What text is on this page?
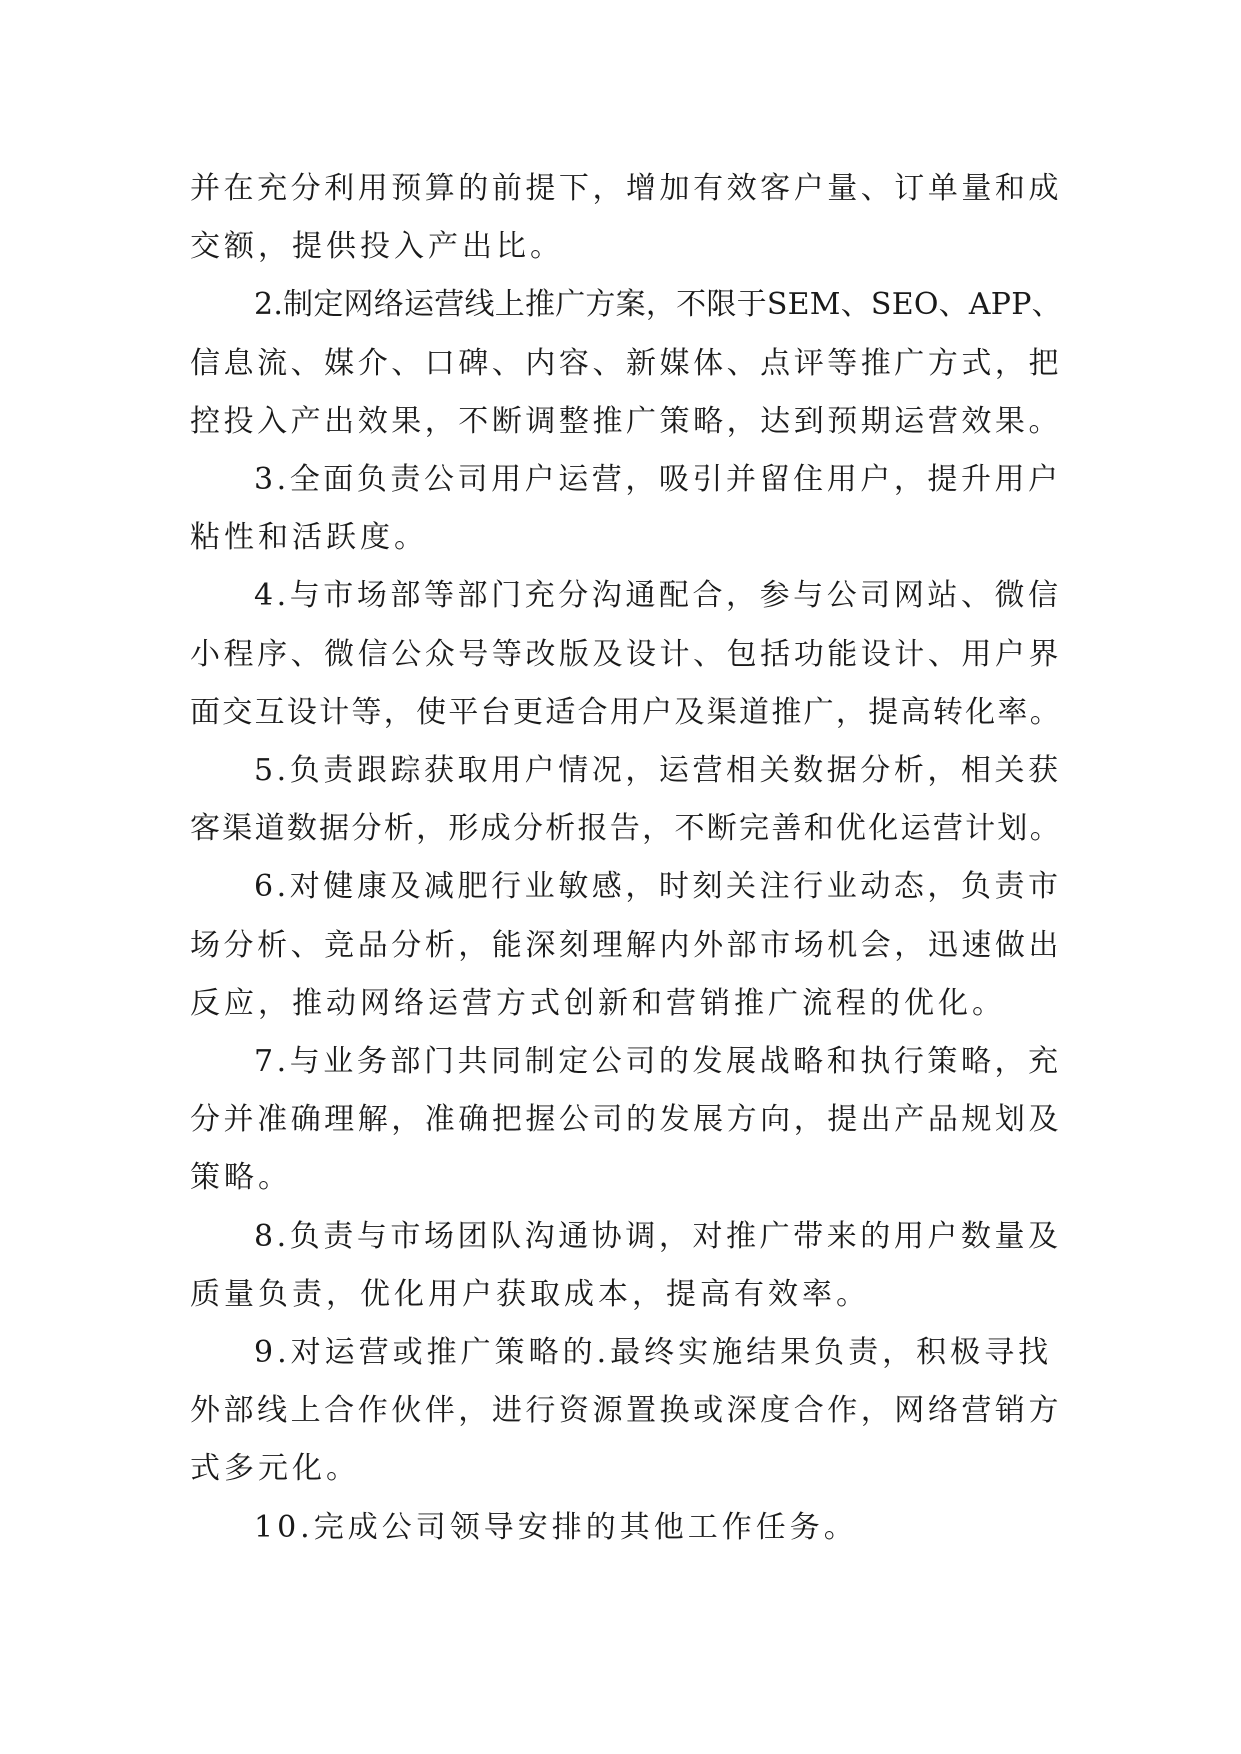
并在充分利用预算的前提下，增加有效客户量、订单量和成
交额，提供投入产出比。
2.制定网络运营线上推广方案，不限于SEM、SEO、APP、
信息流、媒介、口碑、内容、新媒体、点评等推广方式，把
控投入产出效果，不断调整推广策略，达到预期运营效果。
3.全面负责公司用户运营，吸引并留住用户，提升用户
粘性和活跃度。
4.与市场部等部门充分沟通配合，参与公司网站、微信
小程序、微信公众号等改版及设计、包括功能设计、用户界
面交互设计等，使平台更适合用户及渠道推广，提高转化率。
5.负责跟踪获取用户情况，运营相关数据分析，相关获
客渠道数据分析，形成分析报告，不断完善和优化运营计划。
6.对健康及减肥行业敏感，时刻关注行业动态，负责市
场分析、竞品分析，能深刻理解内外部市场机会，迅速做出
反应，推动网络运营方式创新和营销推广流程的优化。
7.与业务部门共同制定公司的发展战略和执行策略，充
分并准确理解，准确把握公司的发展方向，提出产品规划及
策略。
8.负责与市场团队沟通协调，对推广带来的用户数量及
质量负责，优化用户获取成本，提高有效率。
9.对运营或推广策略的.最终实施结果负责，积极寻找
外部线上合作伙伴，进行资源置换或深度合作，网络营销方
式多元化。
10.完成公司领导安排的其他工作任务。
